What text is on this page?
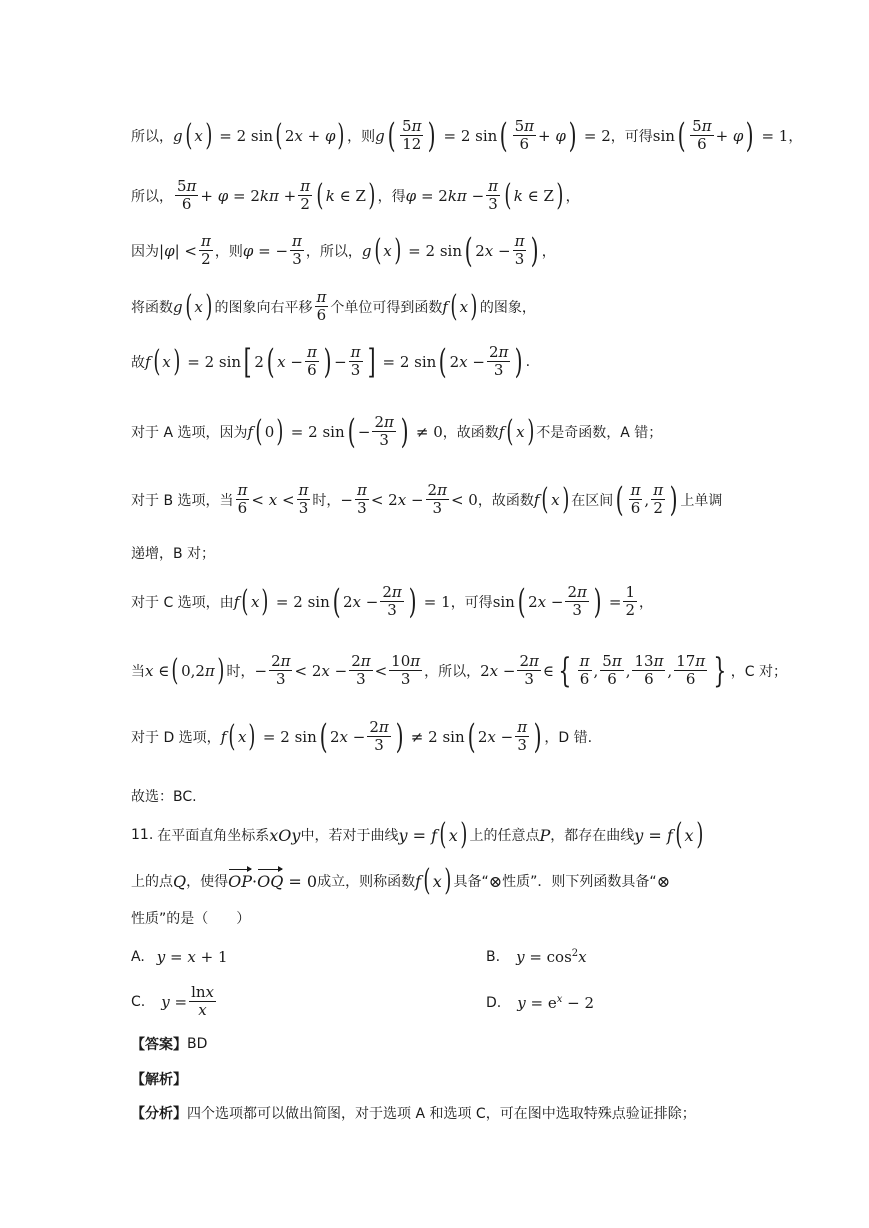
所以， g ( x ) = 2 sin ( 2 x + φ ) ，则 g ( $\frac{5\pi}{12}$ ) = 2 sin ( $\frac{5\pi}{6} + \varphi$ ) = 2 ，可得 sin ( $\frac{5\pi}{6} + \varphi$ ) = 1 ，
所以， $\frac{5\pi}{6} + \varphi = 2$ $k\pi + \frac{\pi}{2}$ ( k ∈ Z ) ，得 φ = 2 $k\pi - \frac{\pi}{3}$ ( k ∈ Z ) ，
因为 | φ | < $\frac{\pi}{2}$ ，则 φ = − $\frac{\pi}{3}$ ，所以， g ( x ) = 2 sin ( 2 $x - \frac{\pi}{3}$ ) ，
将函数 g ( x ) 的图象向右平移 $\frac{\pi}{6}$ 个单位可得到函数 f ( x ) 的图象，
故 f ( x ) = 2 sin [ 2 ( $x - \frac{\pi}{6}$ ) − $\frac{\pi}{3}$ ] = 2 sin ( 2 $x - \frac{2\pi}{3}$ ) .
对于 A 选项，因为 f ( 0 ) = 2 sin ( − $\frac{2\pi}{3}$ ) ≠ 0 ，故函数 f ( x ) 不是奇函数，A 错；
对于 B 选项，当 $\frac{\pi}{6} < x < \frac{\pi}{3}$ 时， − $\frac{\pi}{3} < 2$ $x - \frac{2\pi}{3} < 0$ ，故函数 f ( x ) 在区间 ( $\frac{\pi}{6}$ , $\frac{\pi}{2}$ ) 上单调
递增，B 对；
对于 C 选项，由 f ( x ) = 2 sin ( 2 $x - \frac{2\pi}{3}$ ) = 1 ，可得 sin ( 2 $x - \frac{2\pi}{3}$ ) = $\frac{1}{2}$ ，
当 x ∈ ( 0,2 π ) 时， − $\frac{2\pi}{3} < 2$ $x - \frac{2\pi}{3} < \frac{10\pi}{3}$ ，所以， 2 $x - \frac{2\pi}{3}$ ∈ { $\frac{\pi}{6}$ , $\frac{5\pi}{6}$ , $\frac{13\pi}{6}$ , $\frac{17\pi}{6}$ } ，C 对；
对于 D 选项， f ( x ) = 2 sin ( 2 $x - \frac{2\pi}{3}$ ) ≠ 2 sin ( 2 $x - \frac{\pi}{3}$ ) ，D 错.
故选：BC.
11. 在平面直角坐标系 xOy 中，若对于曲线 y = f ( x ) 上的任意点 P ，都存在曲线 y = f ( x )
上的点 Q ，使得 OP · OQ = 0 成立，则称函数 f ( x ) 具备“ ⊗ 性质”．则下列函数具备“ ⊗
性质”的是（　　）
A. y = x + 1	B. $y = \cos^2 x$
C. $y = \frac{\ln x}{x}$	D. $y = e^x - 2$
【答案】 BD
【解析】
【分析】 四个选项都可以做出简图，对于选项 A 和选项 C，可在图中选取特殊点验证排除；
